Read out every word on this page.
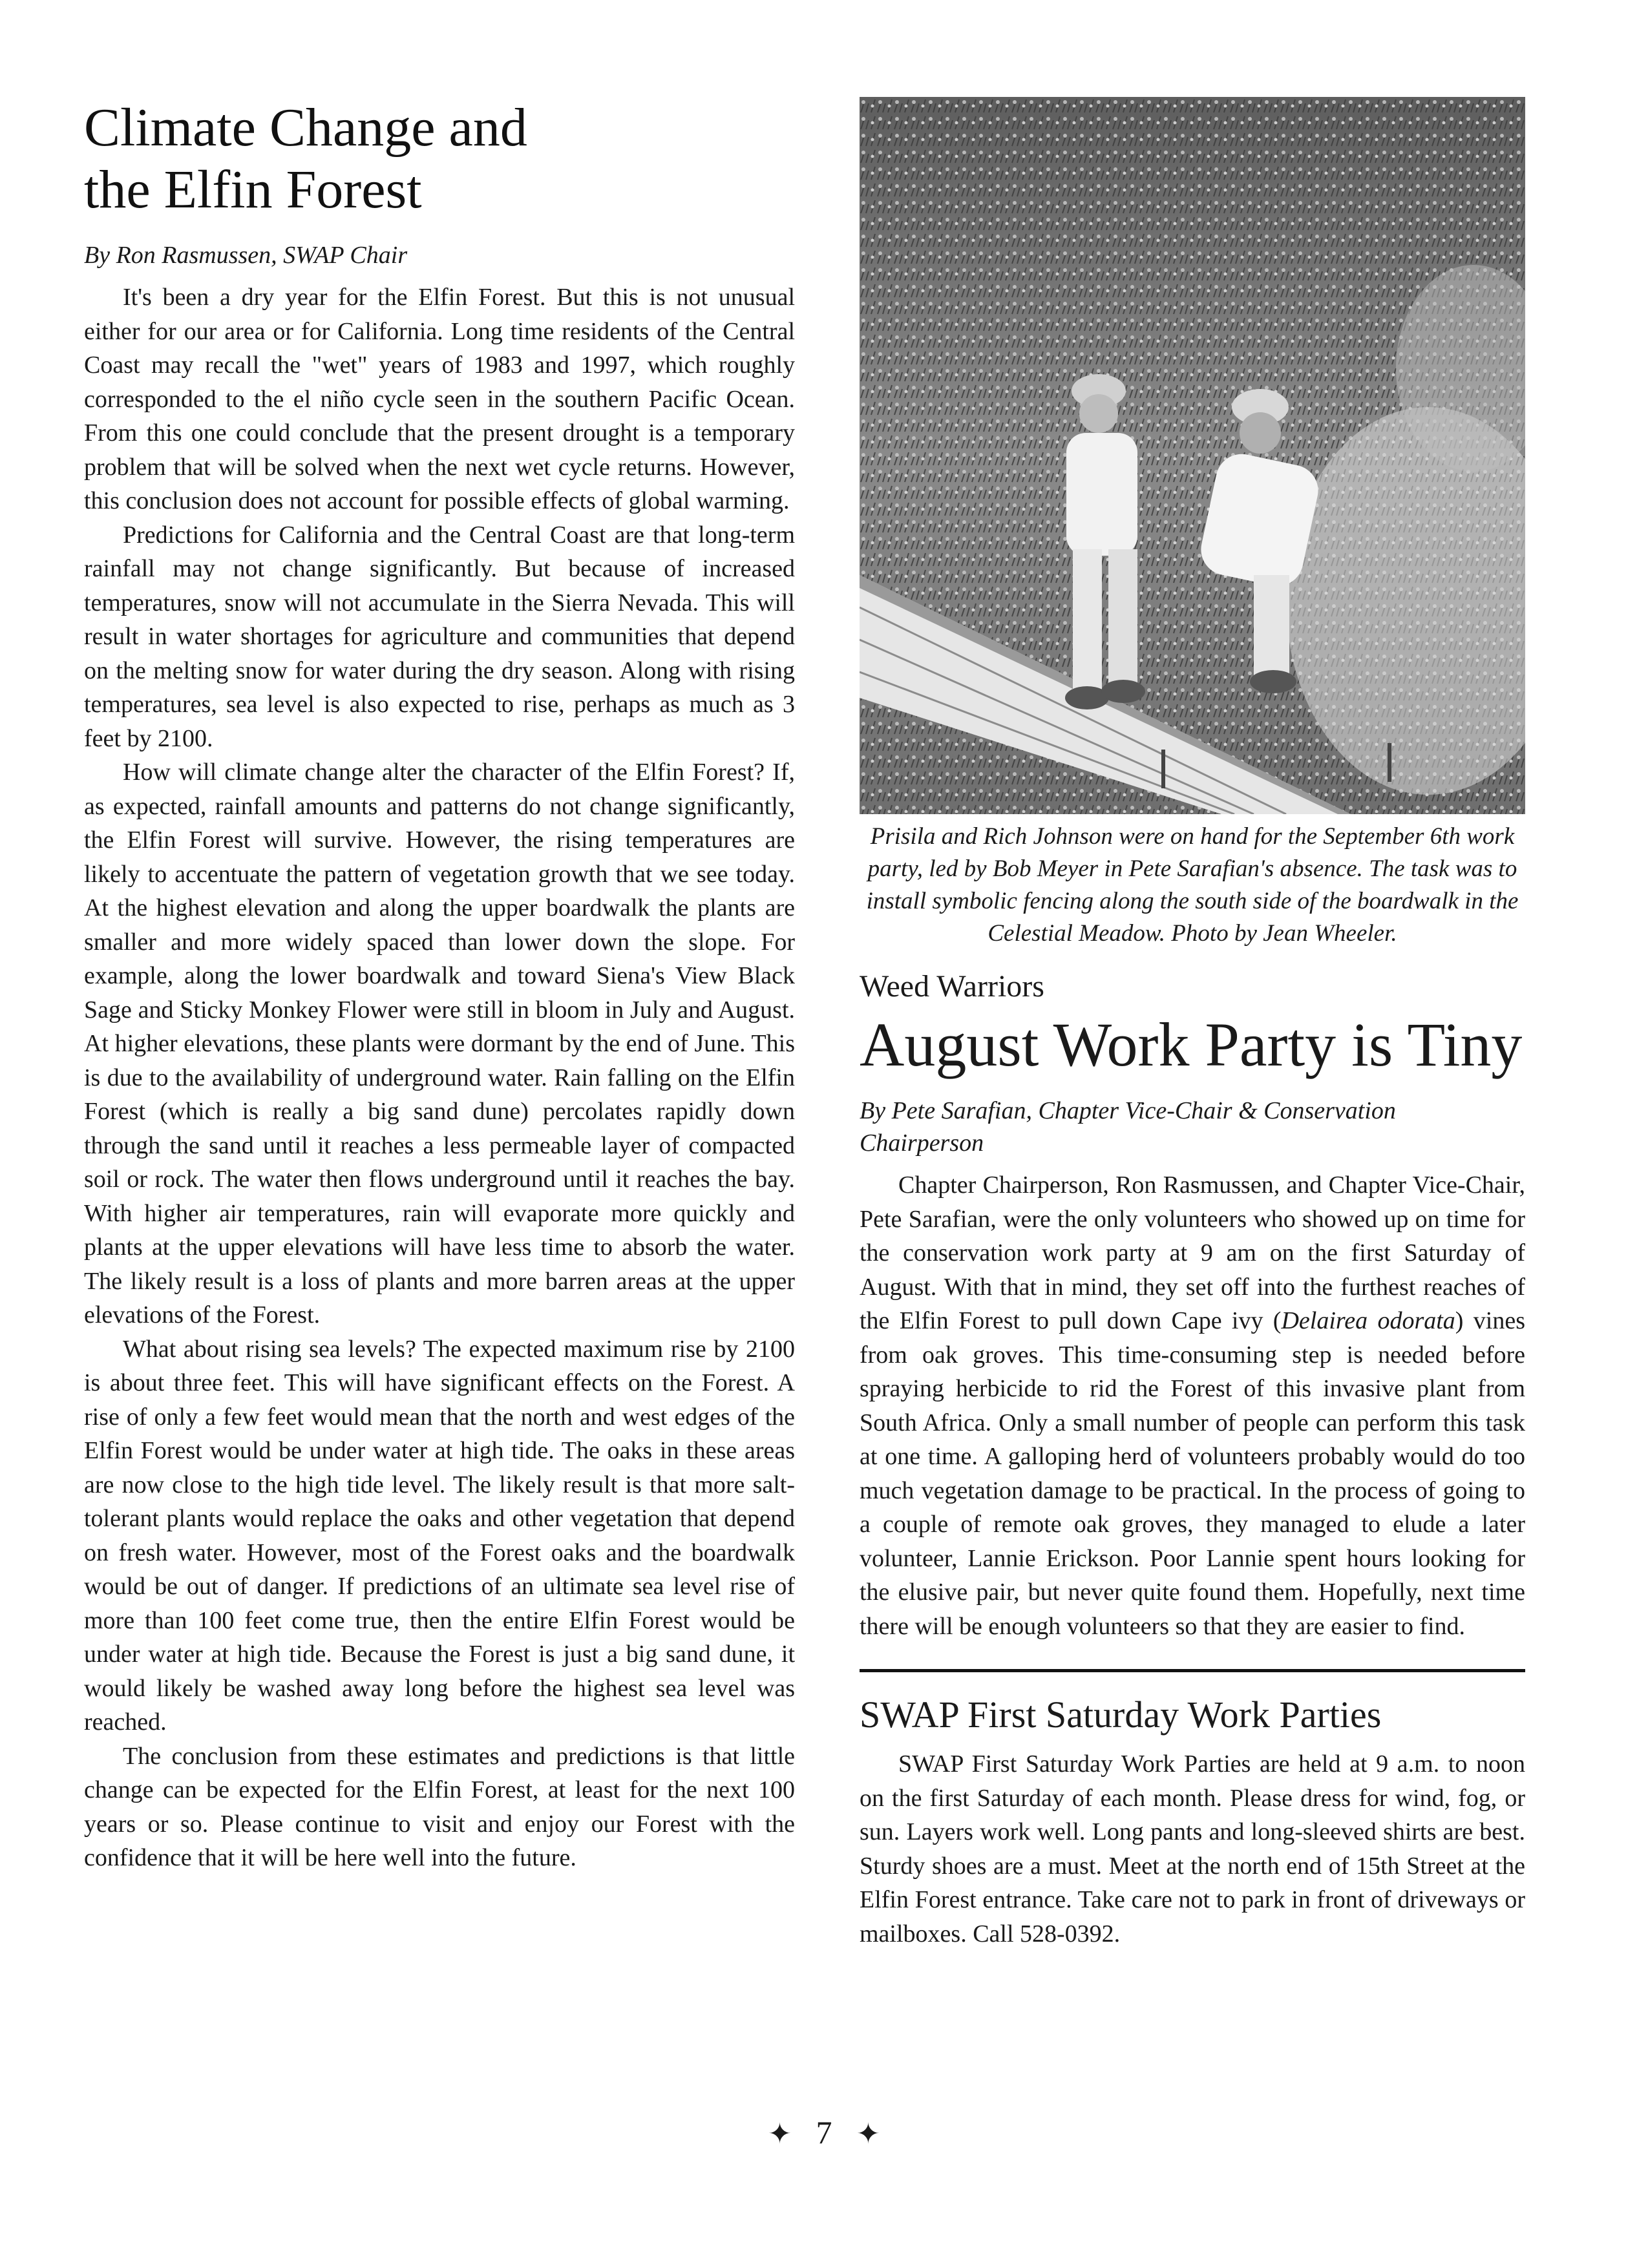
Climate Change and
the Elfin Forest

By Ron Rasmussen, SWAP Chair

It's been a dry year for the Elfin Forest. But this is not unusual either for our area or for California. Long time residents of the Central Coast may recall the "wet" years of 1983 and 1997, which roughly corresponded to the el niño cycle seen in the southern Pacific Ocean. From this one could conclude that the present drought is a temporary problem that will be solved when the next wet cycle returns. However, this conclusion does not account for possible effects of global warming.

Predictions for California and the Central Coast are that long-term rainfall may not change significantly. But because of increased temperatures, snow will not accumulate in the Sierra Nevada. This will result in water shortages for agriculture and communities that depend on the melting snow for water during the dry season. Along with rising temperatures, sea level is also expected to rise, perhaps as much as 3 feet by 2100.

How will climate change alter the character of the Elfin Forest? If, as expected, rainfall amounts and patterns do not change significantly, the Elfin Forest will survive. However, the rising temperatures are likely to accentuate the pattern of vegetation growth that we see today. At the highest elevation and along the upper boardwalk the plants are smaller and more widely spaced than lower down the slope. For example, along the lower boardwalk and toward Siena's View Black Sage and Sticky Monkey Flower were still in bloom in July and August. At higher elevations, these plants were dormant by the end of June. This is due to the availability of underground water. Rain falling on the Elfin Forest (which is really a big sand dune) percolates rapidly down through the sand until it reaches a less permeable layer of compacted soil or rock. The water then flows underground until it reaches the bay. With higher air temperatures, rain will evaporate more quickly and plants at the upper elevations will have less time to absorb the water. The likely result is a loss of plants and more barren areas at the upper elevations of the Forest.

What about rising sea levels? The expected maximum rise by 2100 is about three feet. This will have significant effects on the Forest. A rise of only a few feet would mean that the north and west edges of the Elfin Forest would be under water at high tide. The oaks in these areas are now close to the high tide level. The likely result is that more salt-tolerant plants would replace the oaks and other vegetation that depend on fresh water. However, most of the Forest oaks and the boardwalk would be out of danger. If predictions of an ultimate sea level rise of more than 100 feet come true, then the entire Elfin Forest would be under water at high tide. Because the Forest is just a big sand dune, it would likely be washed away long before the highest sea level was reached.

The conclusion from these estimates and predictions is that little change can be expected for the Elfin Forest, at least for the next 100 years or so. Please continue to visit and enjoy our Forest with the confidence that it will be here well into the future.

Prisila and Rich Johnson were on hand for the September 6th work party, led by Bob Meyer in Pete Sarafian's absence. The task was to install symbolic fencing along the south side of the boardwalk in the Celestial Meadow. Photo by Jean Wheeler.

Weed Warriors
August Work Party is Tiny

By Pete Sarafian, Chapter Vice-Chair & Conservation Chairperson

Chapter Chairperson, Ron Rasmussen, and Chapter Vice-Chair, Pete Sarafian, were the only volunteers who showed up on time for the conservation work party at 9 am on the first Saturday of August. With that in mind, they set off into the furthest reaches of the Elfin Forest to pull down Cape ivy (Delairea odorata) vines from oak groves. This time-consuming step is needed before spraying herbicide to rid the Forest of this invasive plant from South Africa. Only a small number of people can perform this task at one time. A galloping herd of volunteers probably would do too much vegetation damage to be practical. In the process of going to a couple of remote oak groves, they managed to elude a later volunteer, Lannie Erickson. Poor Lannie spent hours looking for the elusive pair, but never quite found them. Hopefully, next time there will be enough volunteers so that they are easier to find.

SWAP First Saturday Work Parties

SWAP First Saturday Work Parties are held at 9 a.m. to noon on the first Saturday of each month. Please dress for wind, fog, or sun. Layers work well. Long pants and long-sleeved shirts are best. Sturdy shoes are a must. Meet at the north end of 15th Street at the Elfin Forest entrance. Take care not to park in front of driveways or mailboxes. Call 528-0392.

✦ 7 ✦
